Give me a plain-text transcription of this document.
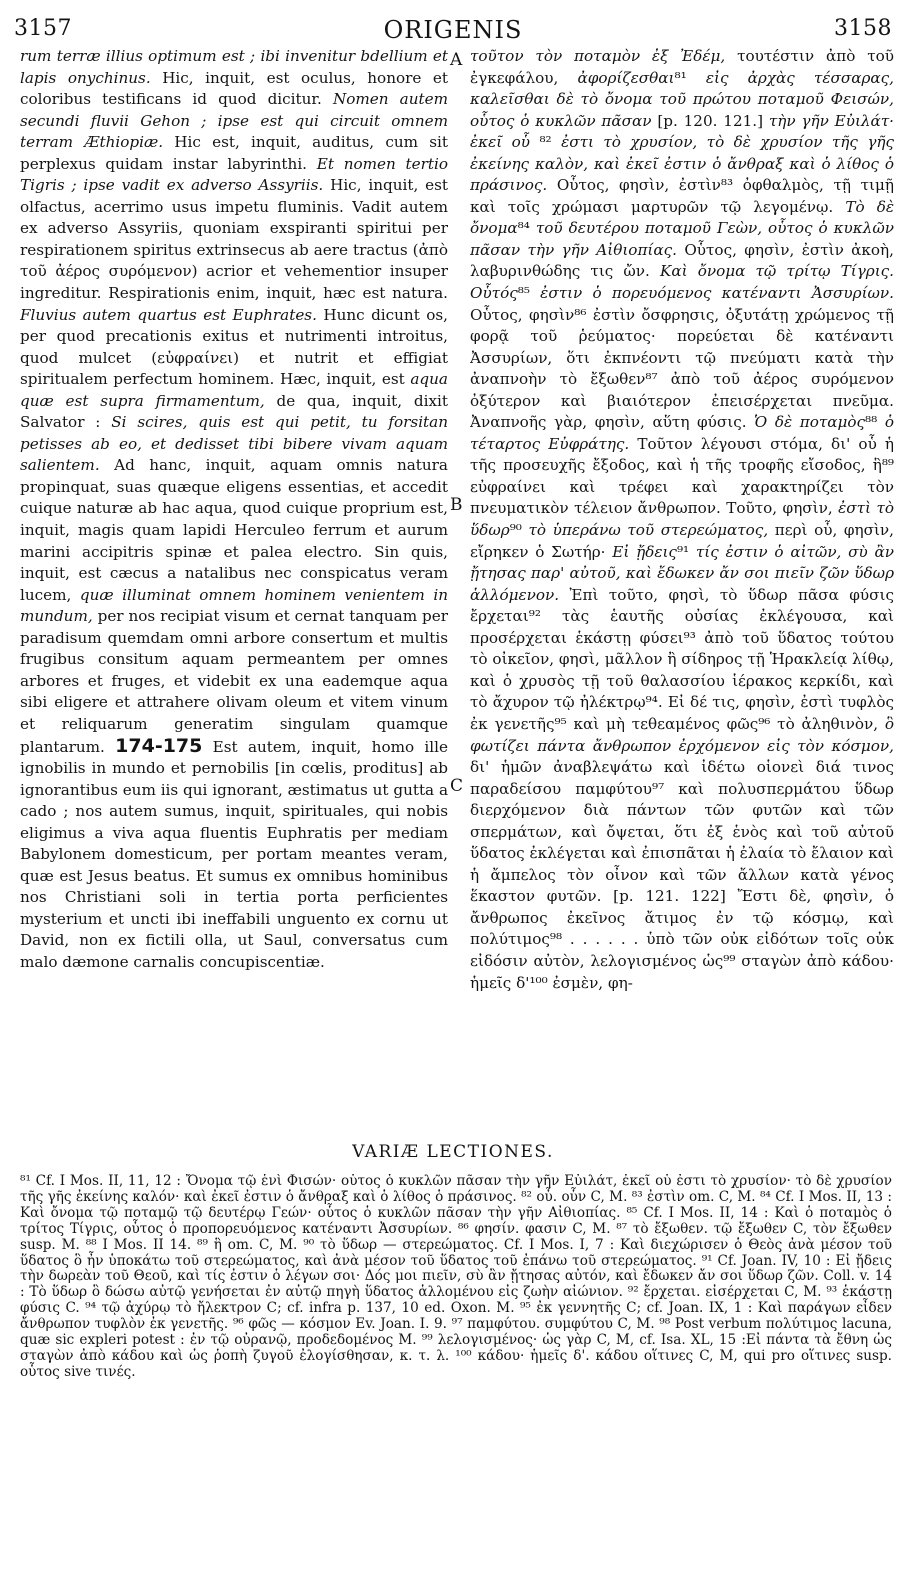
3157	ORIGENIS	3158

rum terræ illius optimum est ; ibi invenitur bdellium et lapis onychinus. Hic, inquit, est oculus, honore et coloribus testificans id quod dicitur. Nomen autem secundi fluvii Gehon ; ipse est qui circuit omnem terram Æthiopiæ. Hic est, inquit, auditus, cum sit perplexus quidam instar labyrinthi. Et nomen tertio Tigris ; ipse vadit ex adverso Assyriis. Hic, inquit, est olfactus, acerrimo usus impetu fluminis. Vadit autem ex adverso Assyriis, quoniam exspiranti spiritui per respirationem spiritus extrinsecus ab aere tractus (ἀπὸ τοῦ ἀέρος συρόμενον) acrior et vehementior insuper ingreditur. Respirationis enim, inquit, hæc est natura. Fluvius autem quartus est Euphrates. Hunc dicunt os, per quod precationis exitus et nutrimenti introitus, quod mulcet (εὐφραίνει) et nutrit et effigiat spiritualem perfectum hominem. Hæc, inquit, est aqua quæ est supra firmamentum, de qua, inquit, dixit Salvator : Si scires, quis est qui petit, tu forsitan petisses ab eo, et dedisset tibi bibere vivam aquam salientem. Ad hanc, inquit, aquam omnis natura propinquat, suas quæque eligens essentias, et accedit cuique naturæ ab hac aqua, quod cuique proprium est, inquit, magis quam lapidi Herculeo ferrum et aurum marini accipitris spinæ et palea electro. Sin quis, inquit, est cæcus a natalibus nec conspicatus veram lucem, quæ illuminat omnem hominem venientem in mundum, per nos recipiat visum et cernat tanquam per paradisum quemdam omni arbore consertum et multis frugibus consitum aquam permeantem per omnes arbores et fruges, et videbit ex una eademque aqua sibi eligere et attrahere olivam oleum et vitem vinum et reliquarum generatim singulam quamque plantarum. 174-175 Est autem, inquit, homo ille ignobilis in mundo et pernobilis [in cœlis, proditus] ab ignorantibus eum iis qui ignorant, æstimatus ut gutta a cado ; nos autem sumus, inquit, spirituales, qui nobis eligimus a viva aqua fluentis Euphratis per mediam Babylonem domesticum, per portam meantes veram, quæ est Jesus beatus. Et sumus ex omnibus hominibus nos Christiani soli in tertia porta perficientes mysterium et uncti ibi ineffabili unguento ex cornu ut David, non ex fictili olla, ut Saul, conversatus cum malo dæmone carnalis concupiscentiæ.

A
B
C

τοῦτον τὸν ποταμὸν ἐξ Ἐδέμ, τουτέστιν ἀπὸ τοῦ ἐγκεφάλου, ἀφορίζεσθαι⁸¹ εἰς ἀρχὰς τέσσαρας, καλεῖσθαι δὲ τὸ ὄνομα τοῦ πρώτου ποταμοῦ Φεισών, οὗτος ὁ κυκλῶν πᾶσαν [p. 120. 121.] τὴν γῆν Εὐιλάτ· ἐκεῖ οὗ ⁸² ἐστι τὸ χρυσίον, τὸ δὲ χρυσίον τῆς γῆς ἐκείνης καλὸν, καὶ ἐκεῖ ἐστιν ὁ ἄνθραξ καὶ ὁ λίθος ὁ πράσινος. Οὗτος, φησὶν, ἐστὶν⁸³ ὀφθαλμὸς, τῇ τιμῇ καὶ τοῖς χρώμασι μαρτυρῶν τῷ λεγομένῳ. Τὸ δὲ ὄνομα⁸⁴ τοῦ δευτέρου ποταμοῦ Γεὼν, οὗτος ὁ κυκλῶν πᾶσαν τὴν γῆν Αἰθιοπίας. Οὗτος, φησὶν, ἐστὶν ἀκοὴ, λαβυρινθώδης τις ὤν. Καὶ ὄνομα τῷ τρίτῳ Τίγρις. Οὗτός⁸⁵ ἐστιν ὁ πορευόμενος κατέναντι Ἀσσυρίων. Οὗτος, φησὶν⁸⁶ ἐστὶν ὄσφρησις, ὀξυτάτῃ χρώμενος τῇ φορᾷ τοῦ ῥεύματος· πορεύεται δὲ κατέναντι Ἀσσυρίων, ὅτι ἐκπνέοντι τῷ πνεύματι κατὰ τὴν ἀναπνοὴν τὸ ἔξωθεν⁸⁷ ἀπὸ τοῦ ἀέρος συρόμενον ὀξύτερον καὶ βιαιότερον ἐπεισέρχεται πνεῦμα. Ἀναπνοῆς γὰρ, φησὶν, αὕτη φύσις. Ὁ δὲ ποταμὸς⁸⁸ ὁ τέταρτος Εὐφράτης. Τοῦτον λέγουσι στόμα, δι' οὗ ἡ τῆς προσευχῆς ἔξοδος, καὶ ἡ τῆς τροφῆς εἴσοδος, ἣ⁸⁹ εὐφραίνει καὶ τρέφει καὶ χαρακτηρίζει τὸν πνευματικὸν τέλειον ἄνθρωπον. Τοῦτο, φησὶν, ἐστὶ τὸ ὕδωρ⁹⁰ τὸ ὑπεράνω τοῦ στερεώματος, περὶ οὗ, φησὶν, εἴρηκεν ὁ Σωτήρ· Εἰ ᾔδεις⁹¹ τίς ἐστιν ὁ αἰτῶν, σὺ ἂν ᾔτησας παρ' αὐτοῦ, καὶ ἔδωκεν ἄν σοι πιεῖν ζῶν ὕδωρ ἁλλόμενον. Ἐπὶ τοῦτο, φησὶ, τὸ ὕδωρ πᾶσα φύσις ἔρχεται⁹² τὰς ἑαυτῆς οὐσίας ἐκλέγουσα, καὶ προσέρχεται ἑκάστῃ φύσει⁹³ ἀπὸ τοῦ ὕδατος τούτου τὸ οἰκεῖον, φησὶ, μᾶλλον ἢ σίδηρος τῇ Ἡρακλείᾳ λίθῳ, καὶ ὁ χρυσὸς τῇ τοῦ θαλασσίου ἱέρακος κερκίδι, καὶ τὸ ἄχυρον τῷ ἠλέκτρῳ⁹⁴. Εἰ δέ τις, φησὶν, ἐστὶ τυφλὸς ἐκ γενετῆς⁹⁵ καὶ μὴ τεθεαμένος φῶς⁹⁶ τὸ ἀληθινὸν, ὃ φωτίζει πάντα ἄνθρωπον ἐρχόμενον εἰς τὸν κόσμον, δι' ἡμῶν ἀναβλεψάτω καὶ ἰδέτω οἱονεὶ διά τινος παραδείσου παμφύτου⁹⁷ καὶ πολυσπερμάτου ὕδωρ διερχόμενον διὰ πάντων τῶν φυτῶν καὶ τῶν σπερμάτων, καὶ ὄψεται, ὅτι ἐξ ἑνὸς καὶ τοῦ αὐτοῦ ὕδατος ἐκλέγεται καὶ ἐπισπᾶται ἡ ἐλαία τὸ ἔλαιον καὶ ἡ ἄμπελος τὸν οἶνον καὶ τῶν ἄλλων κατὰ γένος ἕκαστον φυτῶν. [p. 121. 122] Ἔστι δὲ, φησὶν, ὁ ἄνθρωπος ἐκεῖνος ἄτιμος ἐν τῷ κόσμῳ, καὶ πολύτιμος⁹⁸ . . . . . . ὑπὸ τῶν οὐκ εἰδότων τοῖς οὐκ εἰδόσιν αὐτὸν, λελογισμένος ὡς⁹⁹ σταγὼν ἀπὸ κάδου· ἡμεῖς δ'¹⁰⁰ ἐσμὲν, φη-

VARIÆ LECTIONES.

⁸¹ Cf. I Mos. II, 11, 12 : Ὄνομα τῷ ἑνὶ Φισών· οὗτος ὁ κυκλῶν πᾶσαν τὴν γῆν Εὐιλάτ, ἐκεῖ οὗ ἐστι τὸ χρυσίον· τὸ δὲ χρυσίον τῆς γῆς ἐκείνης καλόν· καὶ ἐκεῖ ἐστιν ὁ ἄνθραξ καὶ ὁ λίθος ὁ πράσινος. ⁸² οὗ. οὗν C, M. ⁸³ ἐστὶν om. C, M. ⁸⁴ Cf. I Mos. II, 13 : Καὶ ὄνομα τῷ ποταμῷ τῷ δευτέρῳ Γεών· οὗτος ὁ κυκλῶν πᾶσαν τὴν γῆν Αἰθιοπίας. ⁸⁵ Cf. I Mos. II, 14 : Καὶ ὁ ποταμὸς ὁ τρίτος Τίγρις, οὗτος ὁ προπορευόμενος κατέναντι Ἀσσυρίων. ⁸⁶ φησίν. φασιν C, M. ⁸⁷ τὸ ἔξωθεν. τῷ ἔξωθεν C, τὸν ἔξωθεν susp. M. ⁸⁸ I Mos. II 14. ⁸⁹ ἣ om. C, M. ⁹⁰ τὸ ὕδωρ — στερεώματος. Cf. I Mos. I, 7 : Καὶ διεχώρισεν ὁ Θεὸς ἀνὰ μέσον τοῦ ὕδατος ὃ ἦν ὑποκάτω τοῦ στερεώματος, καὶ ἀνὰ μέσον τοῦ ὕδατος τοῦ ἐπάνω τοῦ στερεώματος. ⁹¹ Cf. Joan. IV, 10 : Εἰ ᾔδεις τὴν δωρεὰν τοῦ Θεοῦ, καὶ τίς ἐστιν ὁ λέγων σοι· Δός μοι πιεῖν, σὺ ἂν ᾔτησας αὐτόν, καὶ ἔδωκεν ἄν σοι ὕδωρ ζῶν. Coll. v. 14 : Τὸ ὕδωρ ὃ δώσω αὐτῷ γενήσεται ἐν αὐτῷ πηγὴ ὕδατος ἁλλομένου εἰς ζωὴν αἰώνιον. ⁹² ἔρχεται. εἰσέρχεται C, M. ⁹³ ἑκάστῃ φύσις C. ⁹⁴ τῷ ἀχύρῳ τὸ ἤλεκτρον C; cf. infra p. 137, 10 ed. Oxon. M. ⁹⁵ ἐκ γεννητῆς C; cf. Joan. IX, 1 : Καὶ παράγων εἶδεν ἄνθρωπον τυφλὸν ἐκ γενετῆς. ⁹⁶ φῶς — κόσμον Ev. Joan. I. 9. ⁹⁷ παμφύτου. συμφύτου C, M. ⁹⁸ Post verbum πολύτιμος lacuna, quæ sic expleri potest : ἐν τῷ οὐρανῷ, προδεδομένος M. ⁹⁹ λελογισμένος· ὡς γὰρ C, M, cf. Isa. XL, 15 :Εἰ πάντα τὰ ἔθνη ὡς σταγὼν ἀπὸ κάδου καὶ ὡς ῥοπὴ ζυγοῦ ἐλογίσθησαν, κ. τ. λ. ¹⁰⁰ κάδου· ἡμεῖς δ'. κάδου οἵτινες C, M, qui pro οἵτινες susp. οὗτος sive τινές.
